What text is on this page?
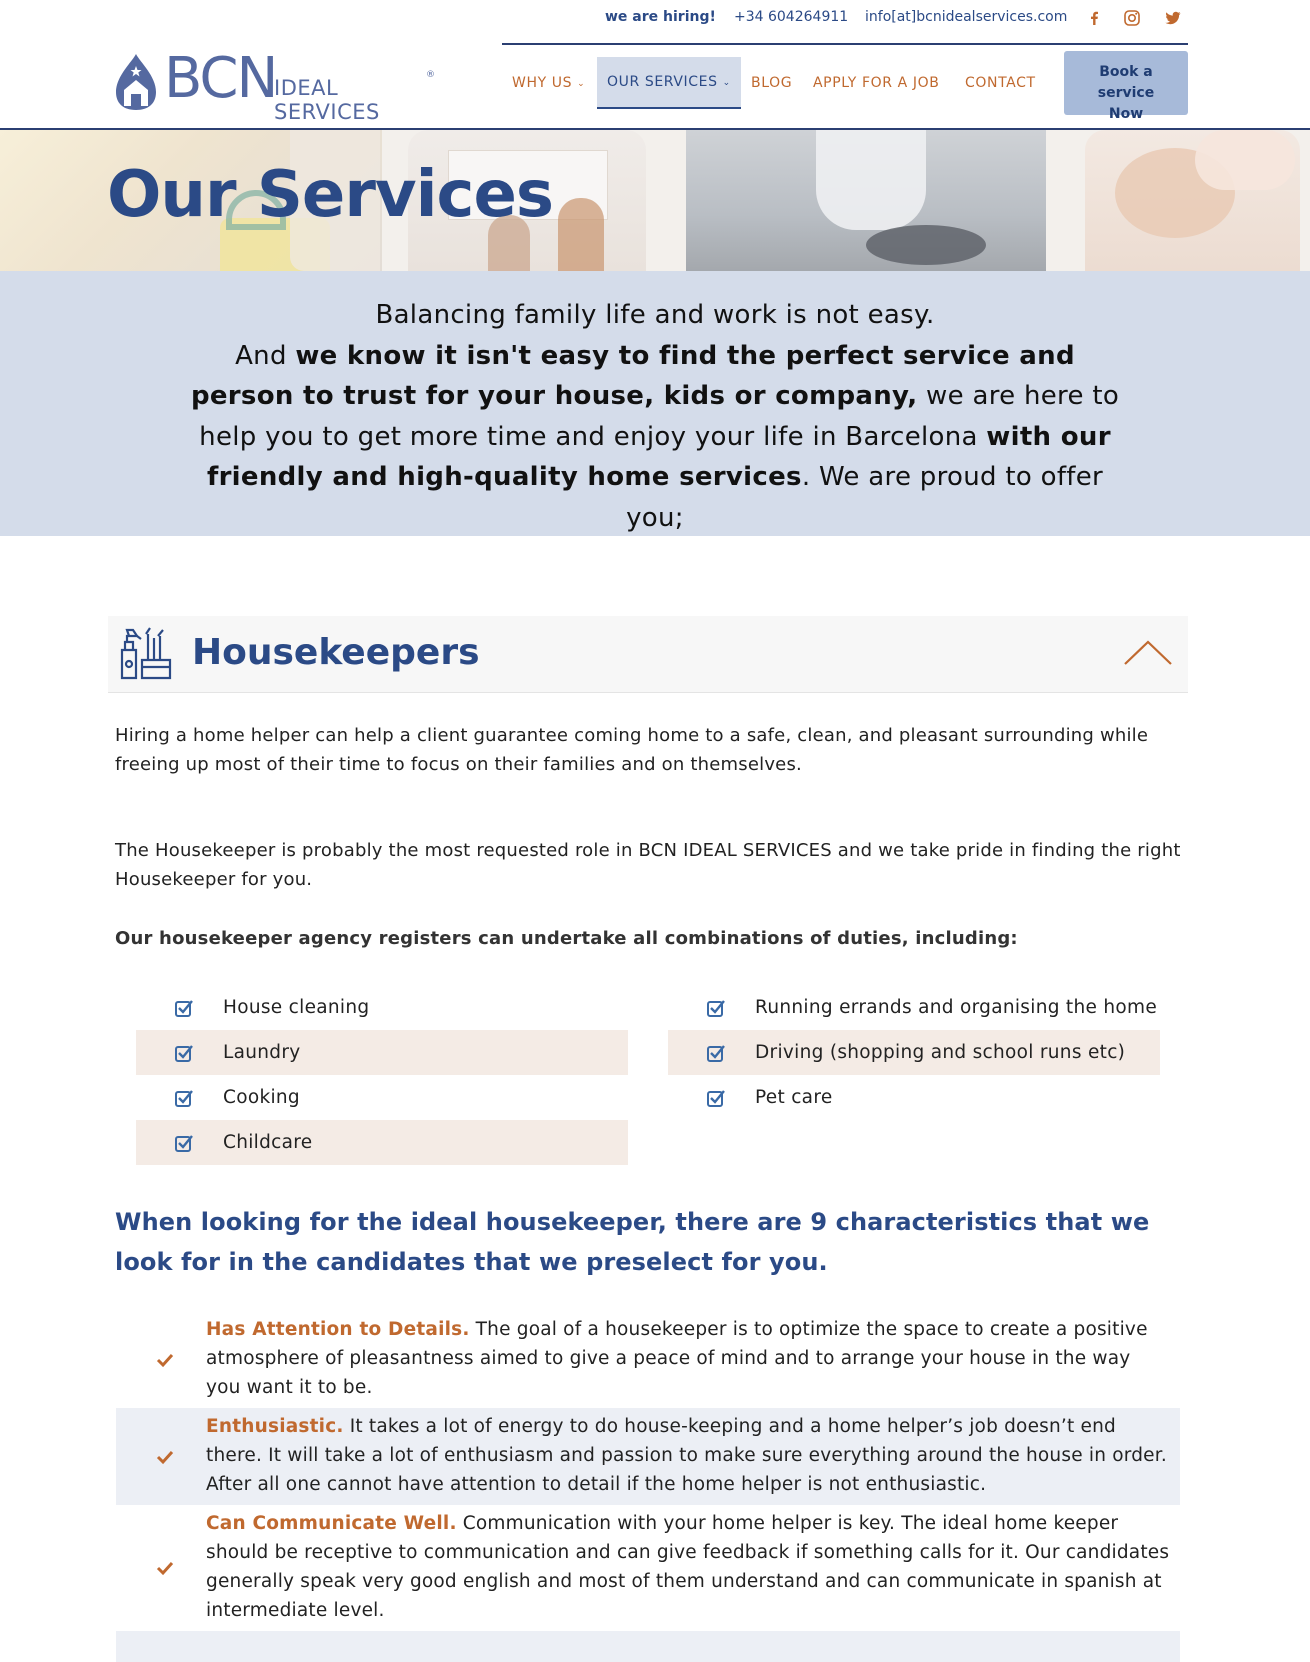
we are hiring! +34 604264911 info[at]bcnidealservices.com
BCN
IDEAL SERVICES
®	WHY US ⌄ OUR SERVICES ⌄ BLOG APPLY FOR A JOB CONTACT
Book a service Now
Our Services

Balancing family life and work is not easy.
And we know it isn't easy to find the perfect service and person to trust for your house, kids or company, we are here to help you to get more time and enjoy your life in Barcelona with our friendly and high-quality home services. We are proud to offer you;

Housekeepers
Hiring a home helper can help a client guarantee coming home to a safe, clean, and pleasant surrounding while freeing up most of their time to focus on their families and on themselves.
The Housekeeper is probably the most requested role in BCN IDEAL SERVICES and we take pride in finding the right Housekeeper for you.
Our housekeeper agency registers can undertake all combinations of duties, including:
House cleaning
Laundry
Cooking
Childcare
Running errands and organising the home
Driving (shopping and school runs etc)
Pet care
When looking for the ideal housekeeper, there are 9 characteristics that we look for in the candidates that we preselect for you.
Has Attention to Details. The goal of a housekeeper is to optimize the space to create a positive atmosphere of pleasantness aimed to give a peace of mind and to arrange your house in the way you want it to be.
Enthusiastic. It takes a lot of energy to do house-keeping and a home helper’s job doesn’t end there. It will take a lot of enthusiasm and passion to make sure everything around the house in order. After all one cannot have attention to detail if the home helper is not enthusiastic.
Can Communicate Well. Communication with your home helper is key. The ideal home keeper should be receptive to communication and can give feedback if something calls for it. Our candidates generally speak very good english and most of them understand and can communicate in spanish at intermediate level.
